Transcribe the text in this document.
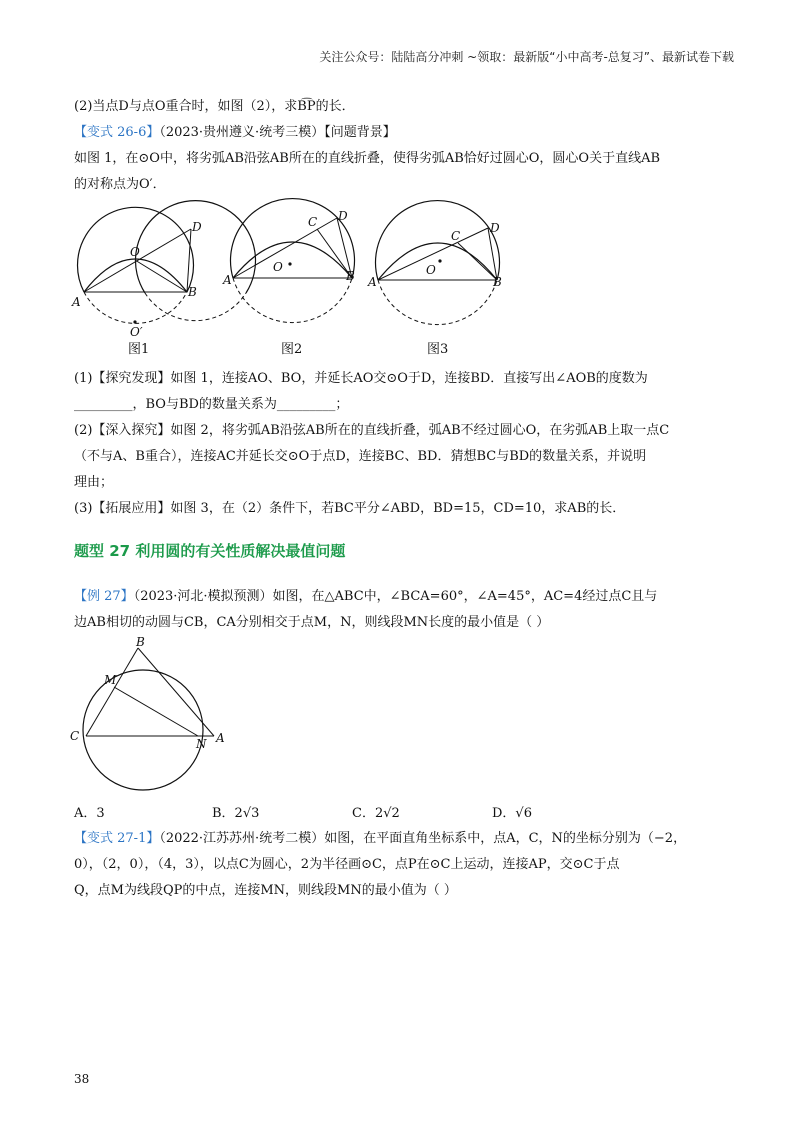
关注公众号：陆陆高分冲刺 ~领取：最新版“小中高考-总复习”、最新试卷下载
(2)当点D与点O重合时，如图（2），求B͡P的长．
【变式 26-6】（2023·贵州遵义·统考三模）【问题背景】
如图 1，在⊙O中，将劣弧AB沿弦AB所在的直线折叠，使得劣弧AB恰好过圆心O，圆心O关于直线AB
的对称点为O′．
A
B
O
D
O′
A	B
C D
O
A	B
C
D
O
图1	图2	图3
(1)【探究发现】如图 1，连接AO、BO，并延长AO交⊙O于D，连接BD．直接写出∠AOB的度数为
_________，BO与BD的数量关系为_________；
(2)【深入探究】如图 2，将劣弧AB沿弦AB所在的直线折叠，弧AB不经过圆心O，在劣弧AB上取一点C
（不与A、B重合），连接AC并延长交⊙O于点D，连接BC、BD．猜想BC与BD的数量关系，并说明
理由；
(3)【拓展应用】如图 3，在（2）条件下，若BC平分∠ABD，BD=15，CD=10，求AB的长．
题型 27 利用圆的有关性质解决最值问题
【例 27】（2023·河北·模拟预测）如图，在△ABC中，∠BCA=60°，∠A=45°，AC=4经过点C且与
边AB相切的动圆与CB，CA分别相交于点M，N，则线段MN长度的最小值是（ ）
B
M
C
N A
A．3	B．2√3	C．2√2	D．√6
【变式 27-1】（2022·江苏苏州·统考二模）如图，在平面直角坐标系中，点A，C，N的坐标分别为（−2，
0），（2，0），（4，3），以点C为圆心，2为半径画⊙C，点P在⊙C上运动，连接AP，交⊙C于点
Q，点M为线段QP的中点，连接MN，则线段MN的最小值为（ ）
38
